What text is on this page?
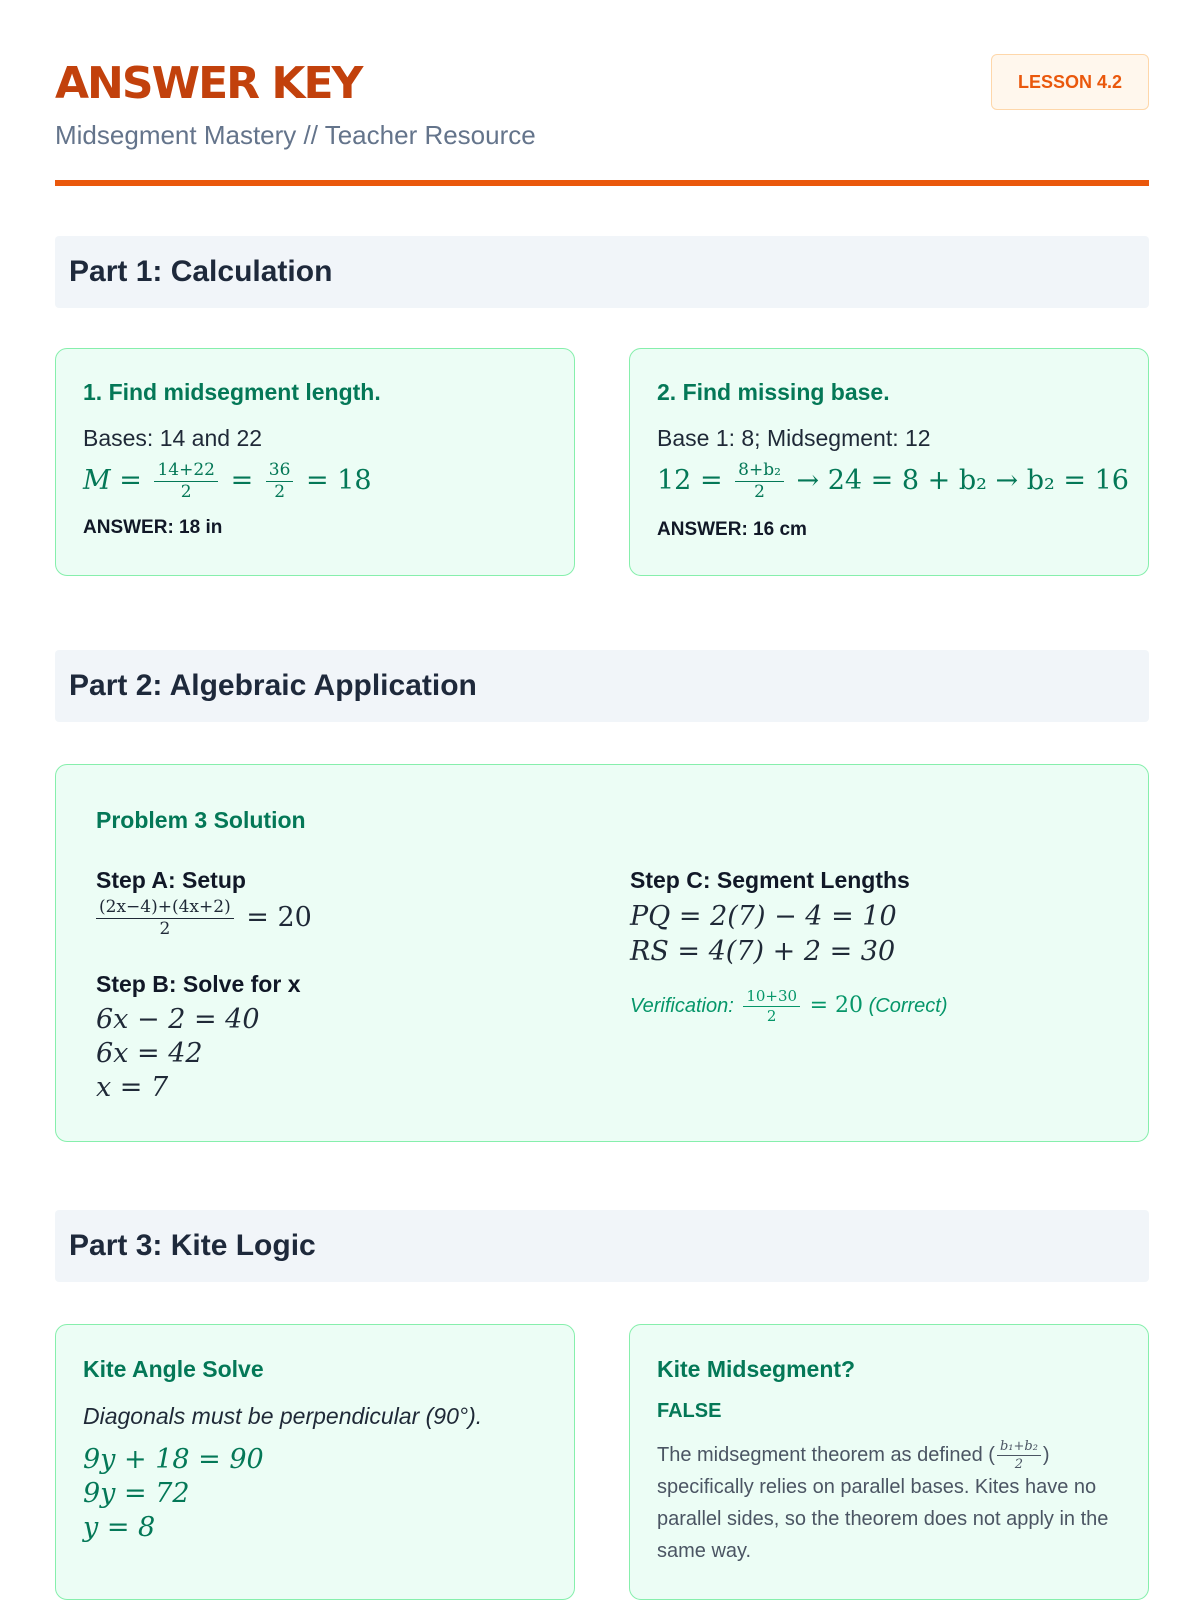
ANSWER KEY
Midsegment Mastery // Teacher Resource
LESSON 4.2
Part 1: Calculation
1. Find midsegment length.
Bases: 14 and 22
$M = \frac{14+22}{2} = \frac{36}{2} = 18$
ANSWER: 18 in
2. Find missing base.
Base 1: 8; Midsegment: 12
$12 = \frac{\text{8+b₂}}{2} \to 24 = 8 + b_2 \to b_2 = 16$
ANSWER: 16 cm
Part 2: Algebraic Application
Problem 3 Solution
Step A: Setup
$\frac{(2x-4)+(4x+2)}{2} = 20$
Step B: Solve for x
6x − 2 = 40
6x = 42
x = 7
Step C: Segment Lengths
PQ = 2(7) − 4 = 10
RS = 4(7) + 2 = 30
Verification: $\frac{10+30}{2} = 20$ (Correct)
Part 3: Kite Logic
Kite Angle Solve
Diagonals must be perpendicular (90°).
9y + 18 = 90
9y = 72
y = 8
Kite Midsegment?
FALSE
The midsegment theorem as defined ( $\frac{\text{b₁+b₂}}{2}$ ) specifically relies on parallel bases. Kites have no parallel sides, so the theorem does not apply in the same way.
